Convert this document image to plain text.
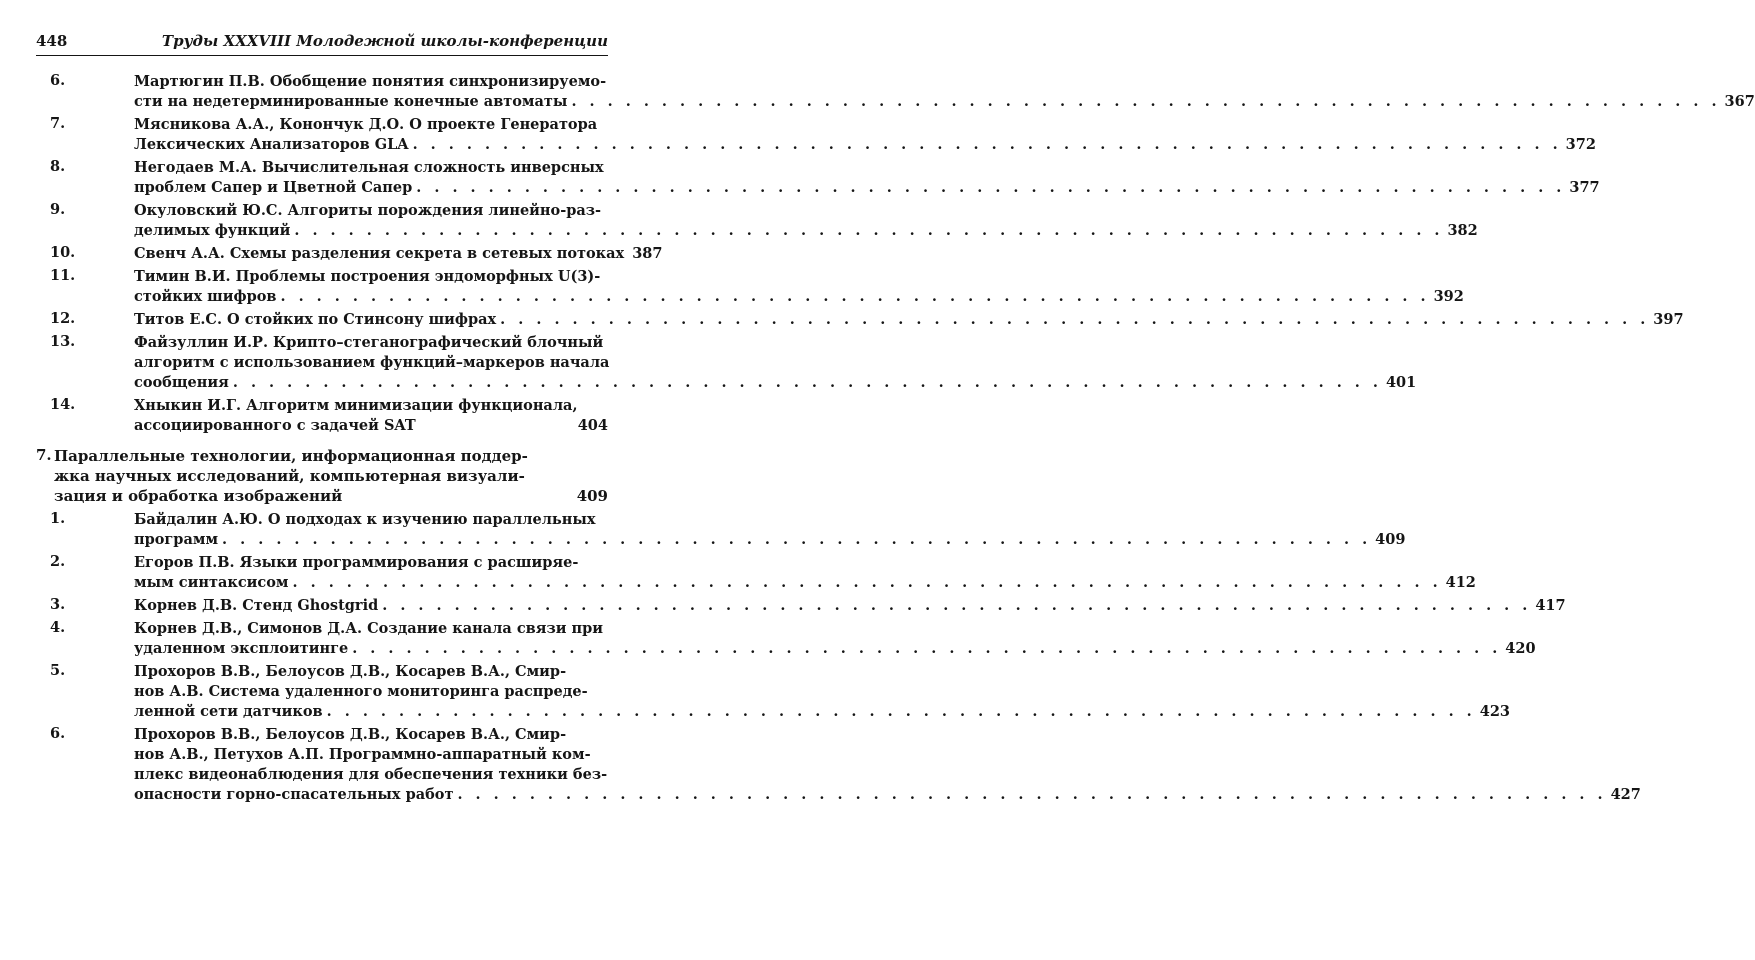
448	Труды XXXVIII Молодежной школы-конференции
6.	Мартюгин П.В. Обобщение понятия синхронизируемо-
сти на недетерминированные конечные автоматы . . .	367
7.	Мясникова А.А., Конончук Д.О. О проекте Генератора
Лексических Анализаторов GLA . . .	372
8.	Негодаев М.А. Вычислительная сложность инверсных
проблем Сапер и Цветной Сапер . . .	377
9.	Окуловский Ю.С. Алгориты порождения линейно-раз-
делимых функций . . .	382
10.	Свенч А.А. Схемы разделения секрета в сетевых потоках 387
11.	Тимин В.И. Проблемы построения эндоморфных U(3)-
стойких шифров . . .	392
12.	Титов Е.С. О стойких по Стинсону шифрах . . .	397
13.	Файзуллин И.Р. Крипто–стеганографический блочный
алгоритм с использованием функций–маркеров начала
сообщения . . .	401
14.	Хныкин И.Г. Алгоритм минимизации функционала,
ассоциированного с задачей SAT	404
7. Параллельные технологии, информационная поддер-
жка научных исследований, компьютерная визуали-
зация и обработка изображений	409
1.	Байдалин А.Ю. О подходах к изучению параллельных
программ . . .	409
2.	Егоров П.В. Языки программирования с расширяе-
мым синтаксисом . . .	412
3.	Корнев Д.В. Стенд Ghostgrid . . .	417
4.	Корнев Д.В., Симонов Д.А. Создание канала связи при
удаленном эксплоитинге . . .	420
5.	Прохоров В.В., Белоусов Д.В., Косарев В.А., Смир-
нов А.В. Система удаленного мониторинга распреде-
ленной сети датчиков . . .	423
6.	Прохоров В.В., Белоусов Д.В., Косарев В.А., Смир-
нов А.В., Петухов А.П. Программно-аппаратный ком-
плекс видеонаблюдения для обеспечения техники без-
опасности горно-спасательных работ . . .	427
